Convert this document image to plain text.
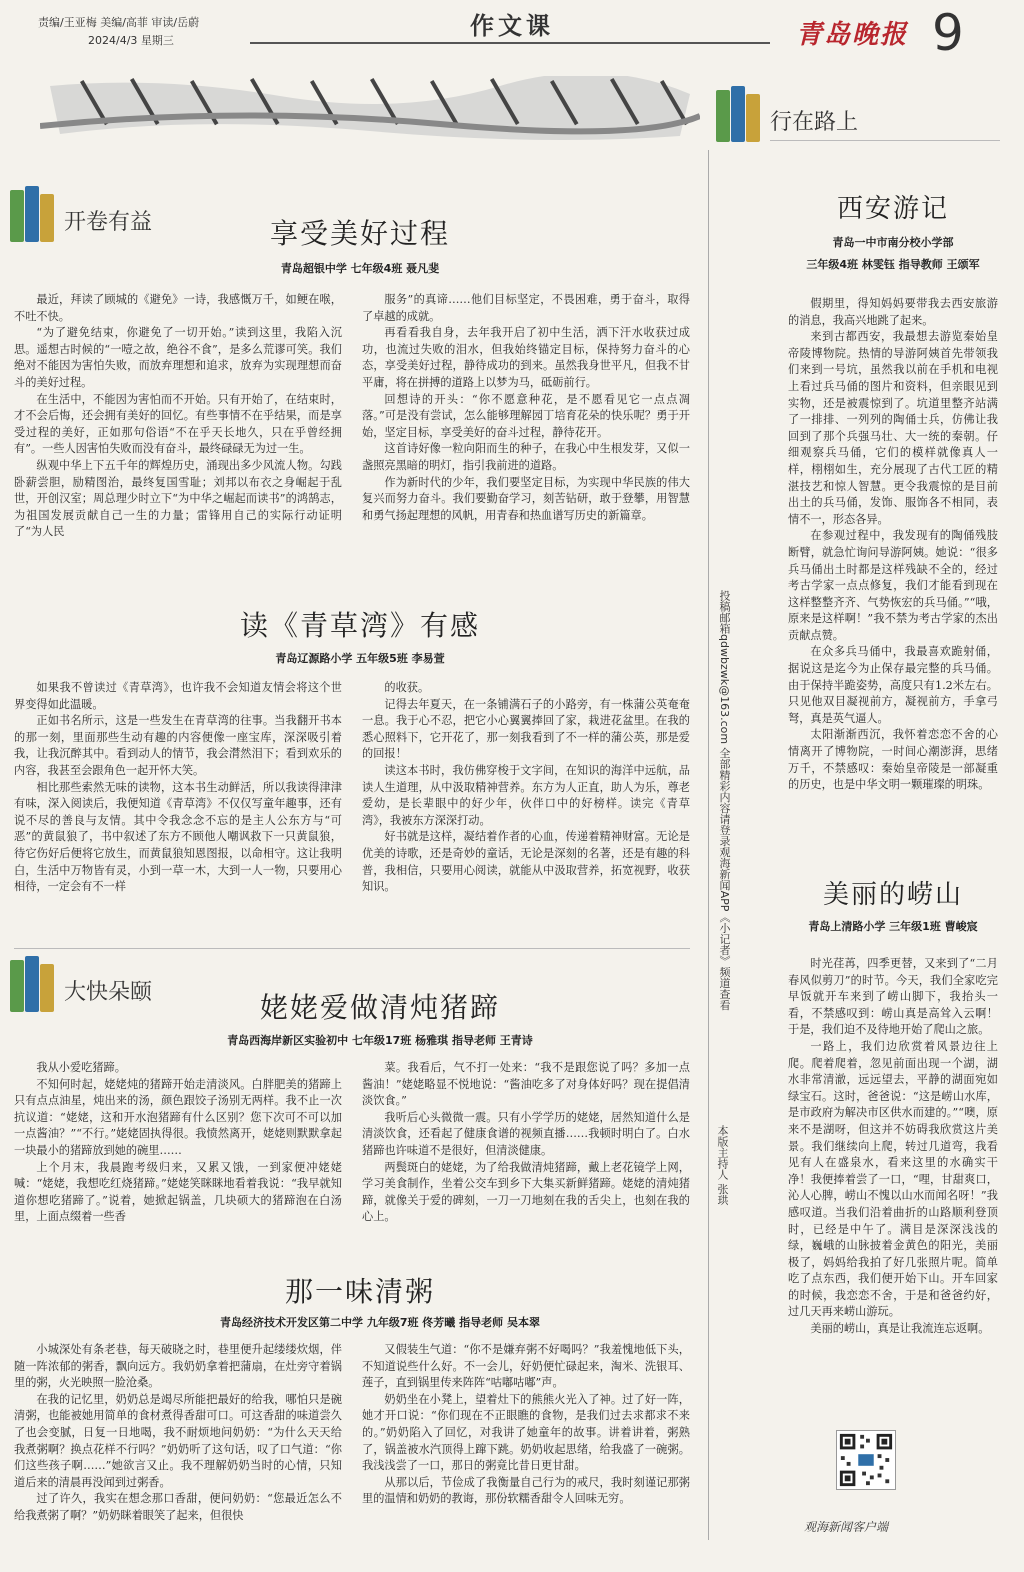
责编/王亚梅 美编/高菲 审读/岳蔚
2024/4/3 星期三
作文课	青岛晚报 9
开卷有益	享受美好过程
青岛超银中学 七年级4班 聂凡斐

最近，拜读了顾城的《避免》一诗，我感慨万千，如鲠在喉，不吐不快。

“为了避免结束，你避免了一切开始。”读到这里，我陷入沉思。遥想古时候的“一噎之故，绝谷不食”，是多么荒谬可笑。我们绝对不能因为害怕失败，而放弃理想和追求，放弃为实现理想而奋斗的美好过程。

在生活中，不能因为害怕而不开始。只有开始了，在结束时，才不会后悔，还会拥有美好的回忆。有些事情不在乎结果，而是享受过程的美好，正如那句俗语“不在乎天长地久，只在乎曾经拥有”。一些人因害怕失败而没有奋斗，最终碌碌无为过一生。

纵观中华上下五千年的辉煌历史，涌现出多少风流人物。勾践卧薪尝胆，励精图治，最终复国雪耻；刘邦以布衣之身崛起于乱世，开创汉室；周总理少时立下“为中华之崛起而读书”的鸿鹄志，为祖国发展贡献自己一生的力量；雷锋用自己的实际行动证明了“为人民

服务”的真谛……他们目标坚定，不畏困难，勇于奋斗，取得了卓越的成就。

再看看我自身，去年我开启了初中生活，洒下汗水收获过成功，也流过失败的泪水，但我始终锚定目标，保持努力奋斗的心态，享受美好过程，静待成功的到来。虽然我身世平凡，但我不甘平庸，将在拼搏的道路上以梦为马，砥砺前行。

回想诗的开头：“你不愿意种花，是不愿看见它一点点凋落。”可是没有尝试，怎么能够理解园丁培育花朵的快乐呢？勇于开始，坚定目标，享受美好的奋斗过程，静待花开。

这首诗好像一粒向阳而生的种子，在我心中生根发芽，又似一盏照亮黑暗的明灯，指引我前进的道路。

作为新时代的少年，我们要坚定目标，为实现中华民族的伟大复兴而努力奋斗。我们要勤奋学习，刻苦钻研，敢于登攀，用智慧和勇气扬起理想的风帆，用青春和热血谱写历史的新篇章。

读《青草湾》有感
青岛辽源路小学 五年级5班 李易萱

如果我不曾读过《青草湾》，也许我不会知道友情会将这个世界变得如此温暖。

正如书名所示，这是一些发生在青草湾的往事。当我翻开书本的那一刻，里面那些生动有趣的内容便像一座宝库，深深吸引着我，让我沉醉其中。看到动人的情节，我会潸然泪下；看到欢乐的内容，我甚至会跟角色一起开怀大笑。

相比那些索然无味的读物，这本书生动鲜活，所以我读得津津有味，深入阅读后，我便知道《青草湾》不仅仅写童年趣事，还有说不尽的善良与友情。其中令我念念不忘的是主人公东方与“可恶”的黄鼠狼了，书中叙述了东方不顾他人嘲讽救下一只黄鼠狼，待它伤好后便将它放生，而黄鼠狼知恩图报，以命相守。这让我明白，生活中万物皆有灵，小到一草一木，大到一人一物，只要用心相待，一定会有不一样

的收获。

记得去年夏天，在一条铺满石子的小路旁，有一株蒲公英奄奄一息。我于心不忍，把它小心翼翼捧回了家，栽进花盆里。在我的悉心照料下，它开花了，那一刻我看到了不一样的蒲公英，那是爱的回报！

读这本书时，我仿佛穿梭于文字间，在知识的海洋中远航，品读人生道理，从中汲取精神营养。东方为人正直，助人为乐，尊老爱幼，是长辈眼中的好少年，伙伴口中的好榜样。读完《青草湾》，我被东方深深打动。

好书就是这样，凝结着作者的心血，传递着精神财富。无论是优美的诗歌，还是奇妙的童话，无论是深刻的名著，还是有趣的科普，我相信，只要用心阅读，就能从中汲取营养，拓宽视野，收获知识。

大快朵颐	姥姥爱做清炖猪蹄
青岛西海岸新区实验初中 七年级17班 杨雅琪 指导老师 王青诗

我从小爱吃猪蹄。

不知何时起，姥姥炖的猪蹄开始走清淡风。白胖肥美的猪蹄上只有点点油星，炖出来的汤，颜色跟饺子汤别无两样。我不止一次抗议道：“姥姥，这和开水泡猪蹄有什么区别？您下次可不可以加一点酱油？”“不行。”姥姥固执得很。我愤然离开，姥姥则默默拿起一块最小的猪蹄放到她的碗里……

上个月末，我晨跑考级归来，又累又饿，一到家便冲姥姥喊：“姥姥，我想吃红烧猪蹄。”姥姥笑眯眯地看着我说：“我早就知道你想吃猪蹄了。”说着，她掀起锅盖，几块硕大的猪蹄泡在白汤里，上面点缀着一些香

菜。我看后，气不打一处来：“我不是跟您说了吗？多加一点酱油！”姥姥略显不悦地说：“酱油吃多了对身体好吗？现在提倡清淡饮食。”

我听后心头微微一震。只有小学学历的姥姥，居然知道什么是清淡饮食，还看起了健康食谱的视频直播……我顿时明白了。白水猪蹄也许味道不是很好，但清淡健康。

两鬓斑白的姥姥，为了给我做清炖猪蹄，戴上老花镜学上网，学习美食制作，坐着公交车到乡下大集买新鲜猪蹄。姥姥的清炖猪蹄，就像关于爱的碑刻，一刀一刀地刻在我的舌尖上，也刻在我的心上。

那一味清粥
青岛经济技术开发区第二中学 九年级7班 佟芳曦 指导老师 吴本翠

小城深处有条老巷，每天破晓之时，巷里便升起缕缕炊烟，伴随一阵浓郁的粥香，飘向远方。我奶奶拿着把蒲扇，在灶旁守着锅里的粥，火光映照一脸沧桑。

在我的记忆里，奶奶总是竭尽所能把最好的给我，哪怕只是碗清粥，也能被她用简单的食材煮得香甜可口。可这香甜的味道尝久了也会变腻，日复一日地喝，我不耐烦地问奶奶：“为什么天天给我煮粥啊？换点花样不行吗？”奶奶听了这句话，叹了口气道：“你们这些孩子啊……”她欲言又止。我不理解奶奶当时的心情，只知道后来的清晨再没闻到过粥香。

过了许久，我实在想念那口香甜，便问奶奶：“您最近怎么不给我煮粥了啊？”奶奶眯着眼笑了起来，但很快

又假装生气道：“你不是嫌弃粥不好喝吗？”我羞愧地低下头，不知道说些什么好。不一会儿，好奶便忙碌起来，淘米、洗银耳、莲子，直到锅里传来阵阵“咕嘟咕嘟”声。

奶奶坐在小凳上，望着灶下的熊熊火光入了神。过了好一阵，她才开口说：“你们现在不正眼瞧的食物，是我们过去求都求不来的。”奶奶陷入了回忆，对我讲了她童年的故事。讲着讲着，粥熟了，锅盖被水汽顶得上蹿下跳。奶奶收起思绪，给我盛了一碗粥。我浅浅尝了一口，那日的粥竟比昔日更甘甜。

从那以后，节俭成了我衡量自己行为的戒尺，我时刻谨记那粥里的温情和奶奶的教诲，那份软糯香甜令人回味无穷。

行在路上
西安游记
青岛一中市南分校小学部
三年级4班 林雯钰 指导教师 王颂军

假期里，得知妈妈要带我去西安旅游的消息，我高兴地跳了起来。

来到古都西安，我最想去游览秦始皇帝陵博物院。热情的导游阿姨首先带领我们来到一号坑，虽然我以前在手机和电视上看过兵马俑的图片和资料，但亲眼见到实物，还是被震惊到了。坑道里整齐站满了一排排、一列列的陶俑士兵，仿佛让我回到了那个兵强马壮、大一统的秦朝。仔细观察兵马俑，它们的模样就像真人一样，栩栩如生，充分展现了古代工匠的精湛技艺和惊人智慧。更令我震惊的是目前出土的兵马俑，发饰、服饰各不相同，表情不一，形态各异。

在参观过程中，我发现有的陶俑残肢断臂，就急忙询问导游阿姨。她说：“很多兵马俑出土时都是这样残缺不全的，经过考古学家一点点修复，我们才能看到现在这样整整齐齐、气势恢宏的兵马俑。”“哦，原来是这样啊！”我不禁为考古学家的杰出贡献点赞。

在众多兵马俑中，我最喜欢跪射俑，据说这是迄今为止保存最完整的兵马俑。由于保持半跪姿势，高度只有1.2米左右。只见他双目凝视前方，凝视前方，手拿弓弩，真是英气逼人。

太阳渐渐西沉，我怀着恋恋不舍的心情离开了博物院，一时间心潮澎湃，思绪万千，不禁感叹：秦始皇帝陵是一部凝重的历史，也是中华文明一颗璀璨的明珠。

美丽的崂山
青岛上清路小学 三年级1班 曹峻宸

时光荏苒，四季更替，又来到了“二月春风似剪刀”的时节。今天，我们全家吃完早饭就开车来到了崂山脚下，我抬头一看，不禁感叹到：崂山真是高耸入云啊！于是，我们迫不及待地开始了爬山之旅。

一路上，我们边欣赏着风景边往上爬。爬着爬着，忽见前面出现一个湖，湖水非常清澈，远远望去，平静的湖面宛如绿宝石。这时，爸爸说：“这是崂山水库，是市政府为解决市区供水而建的。”“噢，原来不是湖呀，但这并不妨碍我欣赏这片美景。我们继续向上爬，转过几道弯，我看见有人在盛泉水，看来这里的水确实干净！我便捧着尝了一口，“哩，甘甜爽口，沁人心脾，崂山不愧以山水而闻名呀！”我感叹道。当我们沿着曲折的山路顺利登顶时，已经是中午了。满目是深深浅浅的绿，巍峨的山脉披着金黄色的阳光，美丽极了，妈妈给我拍了好几张照片呢。简单吃了点东西，我们便开始下山。开车回家的时候，我恋恋不舍，于是和爸爸约好，过几天再来崂山游玩。

美丽的崂山，真是让我流连忘返啊。

投稿邮箱qdwbzwk@163.com 全部精彩内容请登录观海新闻APP《小记者》频道查看
本版主持人 张珙
观海新闻客户端
